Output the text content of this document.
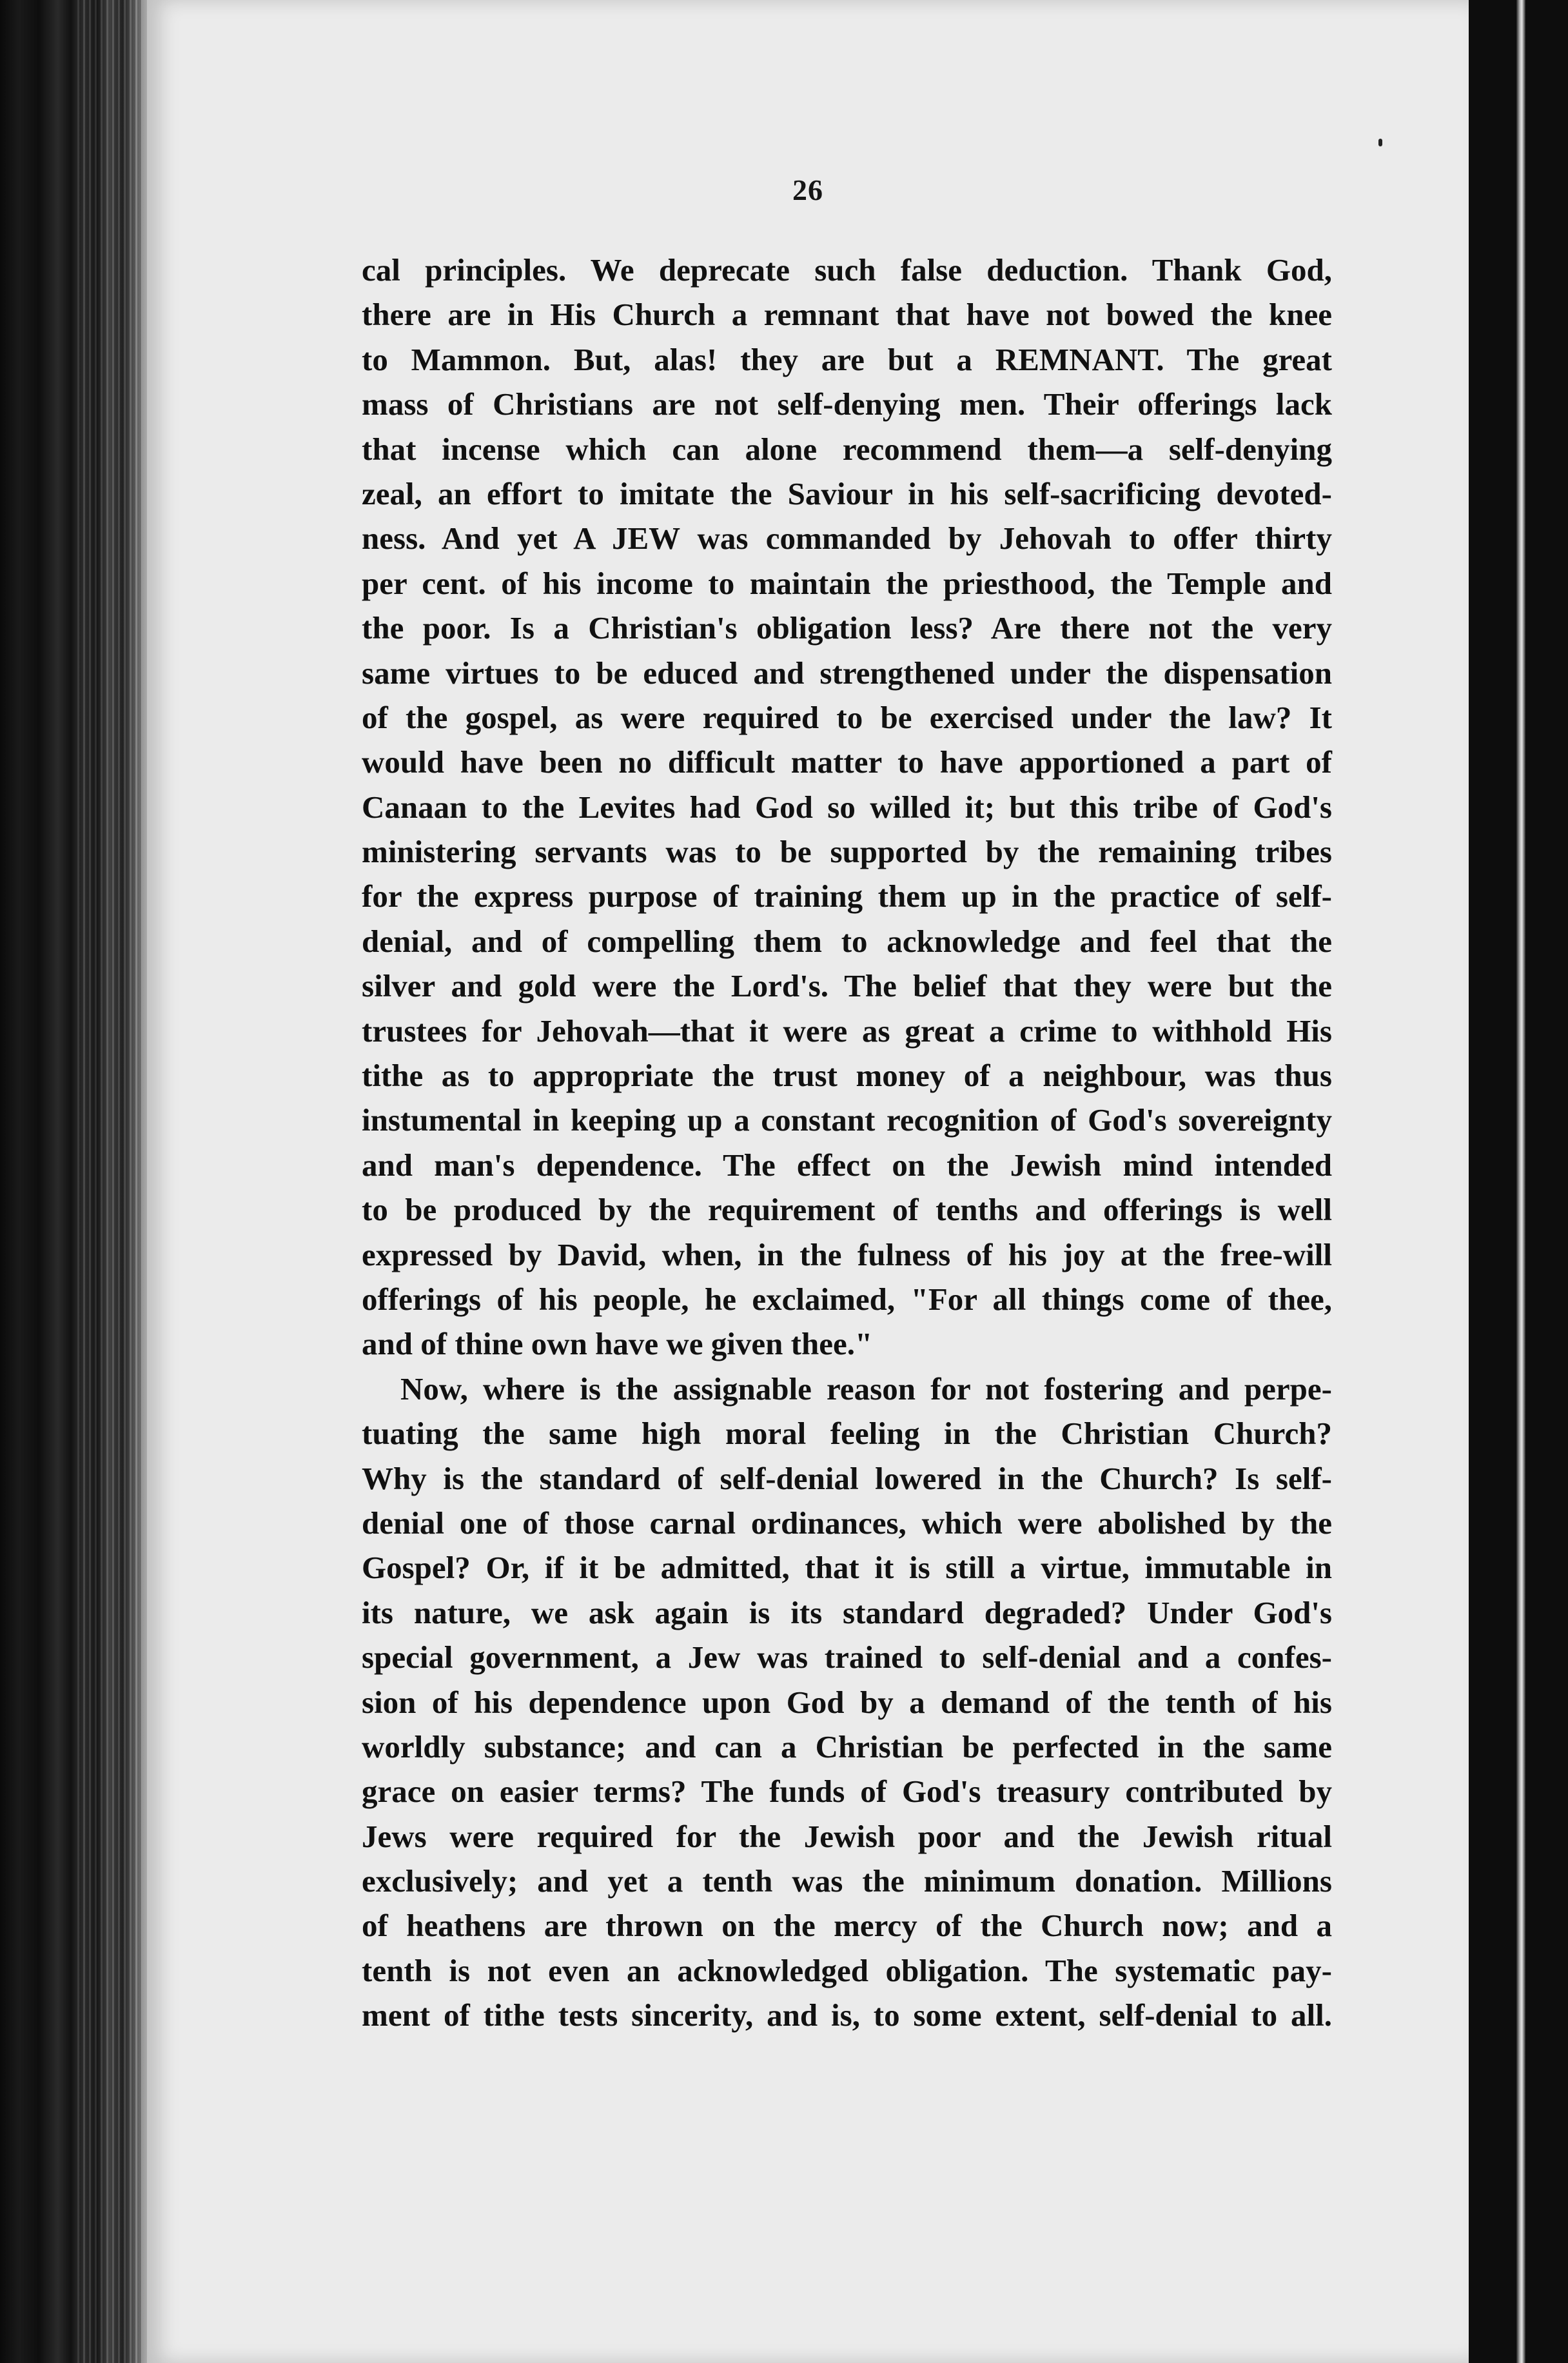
26
cal principles. We deprecate such false deduction. Thank God,
there are in His Church a remnant that have not bowed the knee
to Mammon. But, alas! they are but a REMNANT. The great
mass of Christians are not self-denying men. Their offerings lack
that incense which can alone recommend them—a self-denying
zeal, an effort to imitate the Saviour in his self-sacrificing devoted-
ness. And yet A JEW was commanded by Jehovah to offer thirty
per cent. of his income to maintain the priesthood, the Temple and
the poor. Is a Christian's obligation less? Are there not the very
same virtues to be educed and strengthened under the dispensation
of the gospel, as were required to be exercised under the law? It
would have been no difficult matter to have apportioned a part of
Canaan to the Levites had God so willed it; but this tribe of God's
ministering servants was to be supported by the remaining tribes
for the express purpose of training them up in the practice of self-
denial, and of compelling them to acknowledge and feel that the
silver and gold were the Lord's. The belief that they were but the
trustees for Jehovah—that it were as great a crime to withhold His
tithe as to appropriate the trust money of a neighbour, was thus
instumental in keeping up a constant recognition of God's sovereignty
and man's dependence. The effect on the Jewish mind intended
to be produced by the requirement of tenths and offerings is well
expressed by David, when, in the fulness of his joy at the free-will
offerings of his people, he exclaimed, "For all things come of thee,
and of thine own have we given thee."
Now, where is the assignable reason for not fostering and perpe-
tuating the same high moral feeling in the Christian Church?
Why is the standard of self-denial lowered in the Church? Is self-
denial one of those carnal ordinances, which were abolished by the
Gospel? Or, if it be admitted, that it is still a virtue, immutable in
its nature, we ask again is its standard degraded? Under God's
special government, a Jew was trained to self-denial and a confes-
sion of his dependence upon God by a demand of the tenth of his
worldly substance; and can a Christian be perfected in the same
grace on easier terms? The funds of God's treasury contributed by
Jews were required for the Jewish poor and the Jewish ritual
exclusively; and yet a tenth was the minimum donation. Millions
of heathens are thrown on the mercy of the Church now; and a
tenth is not even an acknowledged obligation. The systematic pay-
ment of tithe tests sincerity, and is, to some extent, self-denial to all.
